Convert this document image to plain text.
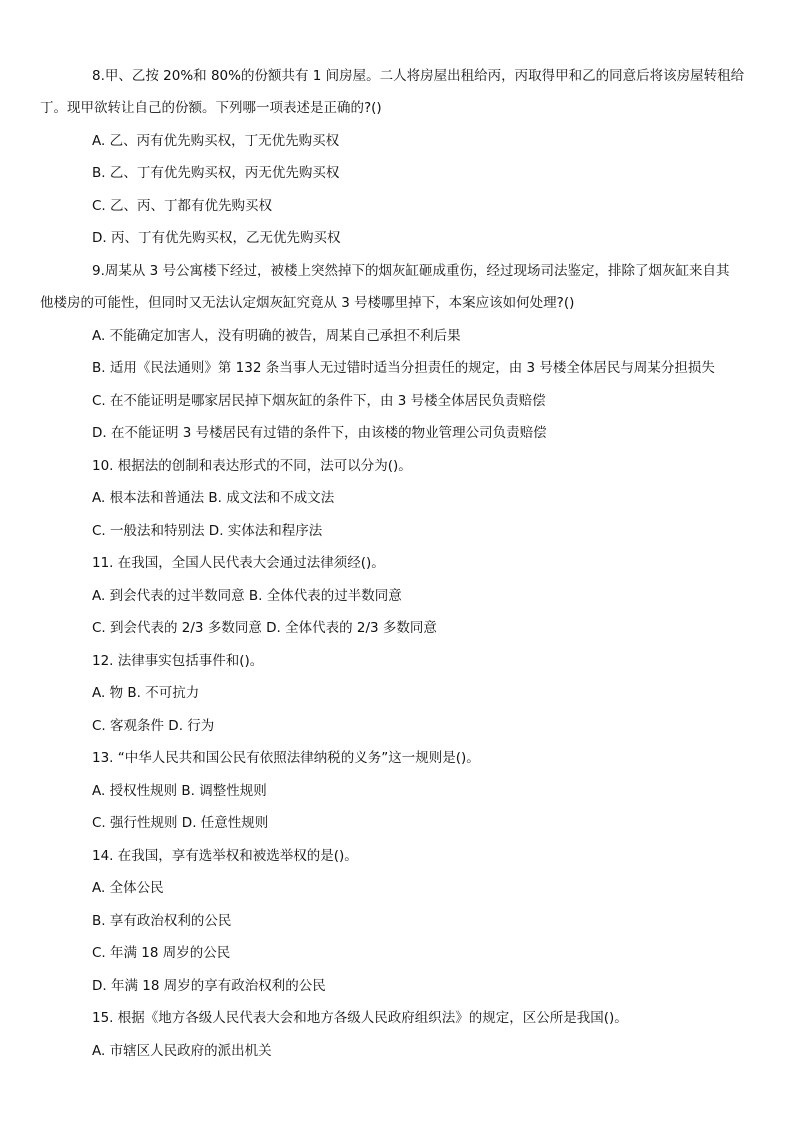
8.甲、乙按 20%和 80%的份额共有 1 间房屋。二人将房屋出租给丙，丙取得甲和乙的同意后将该房屋转租给
丁。现甲欲转让自己的份额。下列哪一项表述是正确的?()
A. 乙、丙有优先购买权，丁无优先购买权
B. 乙、丁有优先购买权，丙无优先购买权
C. 乙、丙、丁都有优先购买权
D. 丙、丁有优先购买权，乙无优先购买权
9.周某从 3 号公寓楼下经过，被楼上突然掉下的烟灰缸砸成重伤，经过现场司法鉴定，排除了烟灰缸来自其
他楼房的可能性，但同时又无法认定烟灰缸究竟从 3 号楼哪里掉下，本案应该如何处理?()
A. 不能确定加害人，没有明确的被告，周某自己承担不利后果
B. 适用《民法通则》第 132 条当事人无过错时适当分担责任的规定，由 3 号楼全体居民与周某分担损失
C. 在不能证明是哪家居民掉下烟灰缸的条件下，由 3 号楼全体居民负责赔偿
D. 在不能证明 3 号楼居民有过错的条件下，由该楼的物业管理公司负责赔偿
10. 根据法的创制和表达形式的不同，法可以分为()。
A. 根本法和普通法 B. 成文法和不成文法
C. 一般法和特别法 D. 实体法和程序法
11. 在我国，全国人民代表大会通过法律须经()。
A. 到会代表的过半数同意 B. 全体代表的过半数同意
C. 到会代表的 2/3 多数同意 D. 全体代表的 2/3 多数同意
12. 法律事实包括事件和()。
A. 物 B. 不可抗力
C. 客观条件 D. 行为
13. “中华人民共和国公民有依照法律纳税的义务”这一规则是()。
A. 授权性规则 B. 调整性规则
C. 强行性规则 D. 任意性规则
14. 在我国，享有选举权和被选举权的是()。
A. 全体公民
B. 享有政治权利的公民
C. 年满 18 周岁的公民
D. 年满 18 周岁的享有政治权利的公民
15. 根据《地方各级人民代表大会和地方各级人民政府组织法》的规定，区公所是我国()。
A. 市辖区人民政府的派出机关
